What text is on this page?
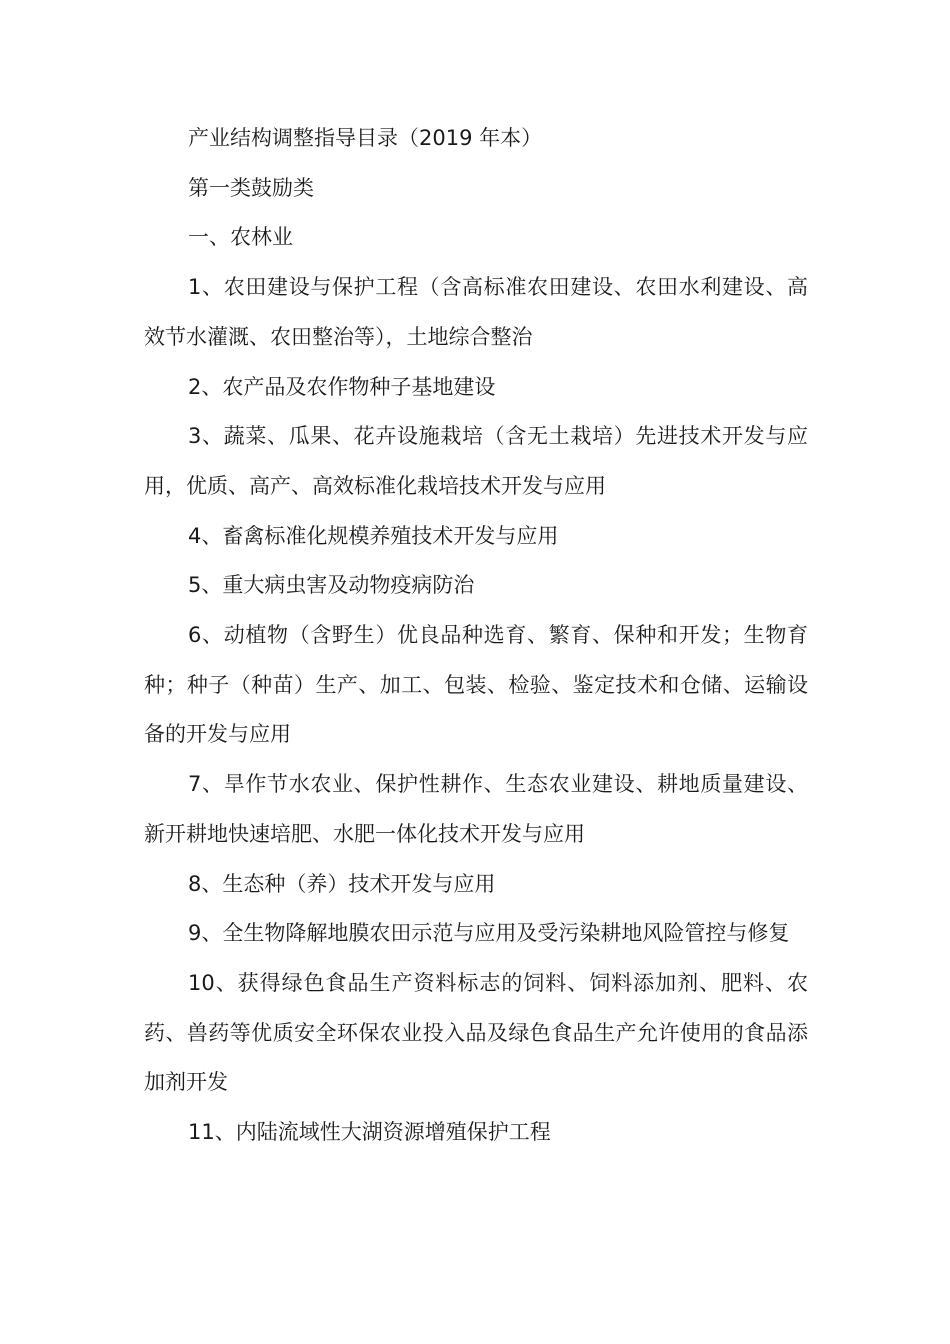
产业结构调整指导目录（2019 年本）

第一类鼓励类

一、农林业

1、农田建设与保护工程（含高标准农田建设、农田水利建设、高效节水灌溉、农田整治等），土地综合整治

2、农产品及农作物种子基地建设

3、蔬菜、瓜果、花卉设施栽培（含无土栽培）先进技术开发与应用，优质、高产、高效标准化栽培技术开发与应用

4、畜禽标准化规模养殖技术开发与应用

5、重大病虫害及动物疫病防治

6、动植物（含野生）优良品种选育、繁育、保种和开发；生物育种；种子（种苗）生产、加工、包装、检验、鉴定技术和仓储、运输设备的开发与应用

7、旱作节水农业、保护性耕作、生态农业建设、耕地质量建设、新开耕地快速培肥、水肥一体化技术开发与应用

8、生态种（养）技术开发与应用

9、全生物降解地膜农田示范与应用及受污染耕地风险管控与修复

10、获得绿色食品生产资料标志的饲料、饲料添加剂、肥料、农药、兽药等优质安全环保农业投入品及绿色食品生产允许使用的食品添加剂开发

11、内陆流域性大湖资源增殖保护工程
